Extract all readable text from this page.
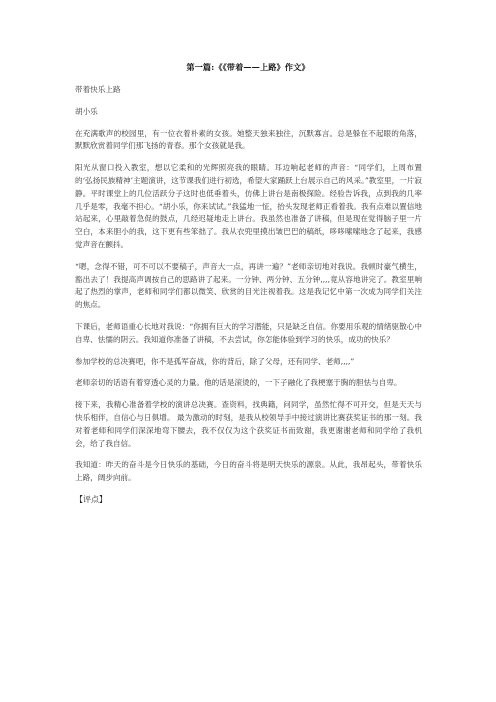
第一篇:《《带着——上路》作文》

带着快乐上路

胡小乐

在充满歌声的校园里，有一位衣着朴素的女孩。她整天独来独往，沉默寡言。总是躲在不起眼的角落，默默欣赏着同学们那飞扬的青春。那个女孩就是我。

阳光从窗口投入教室，想以它柔和的光辉照亮我的眼睛。耳边响起老师的声音：“同学们，上周布置的‘弘扬民族精神’主题演讲，这节课我们进行初选，希望大家踊跃上台展示自己的风采。”教室里，一片寂静。平时课堂上的几位活跃分子这时也低垂着头，仿佛上讲台是南极探险。经验告诉我，点到我的几率几乎是零，我毫不担心。“胡小乐，你来试试。”我猛地一怔，抬头发现老师正看着我。我有点难以置信地站起来，心里敲着急促的鼓点，几经迟疑地走上讲台。我虽然也准备了讲稿，但是现在觉得脑子里一片空白，本来胆小的我，这下更有些笨拙了。我从衣兜里摸出皱巴巴的稿纸，哆哆嗦嗦地念了起来，我感觉声音在颤抖。

“嗯，念得不错，可不可以不要稿子，声音大一点，再讲一遍？”老师亲切地对我说。我顿时豪气横生，豁出去了！我提高声调按自己的思路讲了起来。一分钟、两分钟、五分钟,,,,竟从容地讲完了。教室里响起了热烈的掌声，老师和同学们都以微笑、欣赏的目光注视着我。这是我记忆中第一次成为同学们关注的焦点。

下课后，老师语重心长地对我说：“你拥有巨大的学习潜能，只是缺乏自信。你要用乐观的情绪驱散心中自卑、怯懦的阴云。我知道你准备了讲稿，不去尝试，你怎能体验到学习的快乐，成功的快乐？

参加学校的总决赛吧，你不是孤军奋战，你的背后，除了父母，还有同学、老师,,,,”

老师亲切的话语有着穿透心灵的力量。他的话是滚烫的，一下子融化了我梗塞于胸的胆怯与自卑。

接下来，我精心准备着学校的演讲总决赛。查资料，找典籍，问同学，虽然忙得不可开交，但是天天与快乐相伴，自信心与日俱增。 最为激动的时刻，是我从校领导手中接过演讲比赛获奖证书的那一刻。我对着老师和同学们深深地弯下腰去，我不仅仅为这个获奖证书而致谢，我更谢谢老师和同学给了我机会，给了我自信。

我知道：昨天的奋斗是今日快乐的基础，今日的奋斗将是明天快乐的源泉。从此，我昂起头，带着快乐上路，阔步向前。

【评点】
